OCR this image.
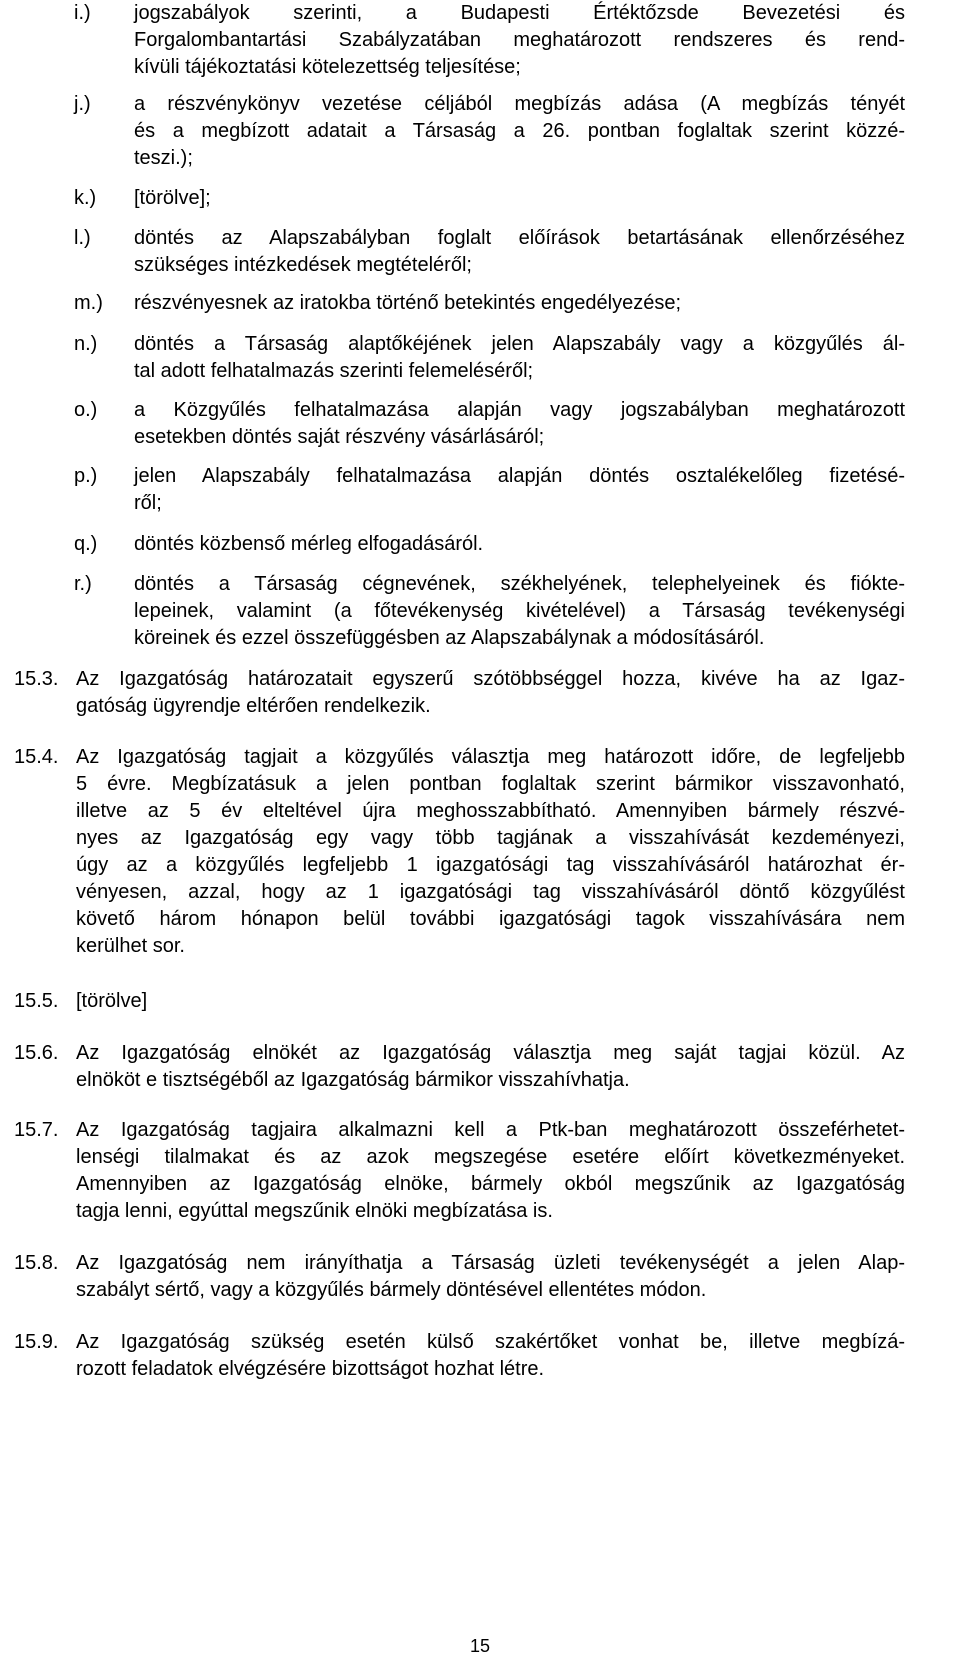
i.) jogszabályok szerinti, a Budapesti Értéktőzsde Bevezetési és
Forgalombantartási Szabályzatában meghatározott rendszeres és rend-
kívüli tájékoztatási kötelezettség teljesítése;
j.) a részvénykönyv vezetése céljából megbízás adása (A megbízás tényét
és a megbízott adatait a Társaság a 26. pontban foglaltak szerint közzé-
teszi.);
k.) [törölve];
l.) döntés az Alapszabályban foglalt előírások betartásának ellenőrzéséhez
szükséges intézkedések megtételéről;
m.) részvényesnek az iratokba történő betekintés engedélyezése;
n.) döntés a Társaság alaptőkéjének jelen Alapszabály vagy a közgyűlés ál-
tal adott felhatalmazás szerinti felemeléséről;
o.) a Közgyűlés felhatalmazása alapján vagy jogszabályban meghatározott
esetekben döntés saját részvény vásárlásáról;
p.) jelen Alapszabály felhatalmazása alapján döntés osztalékelőleg fizetésé-
ről;
q.) döntés közbenső mérleg elfogadásáról.
r.) döntés a Társaság cégnevének, székhelyének, telephelyeinek és fiókte-
lepeinek, valamint (a főtevékenység kivételével) a Társaság tevékenységi
köreinek és ezzel összefüggésben az Alapszabálynak a módosításáról.
15.3. Az Igazgatóság határozatait egyszerű szótöbbséggel hozza, kivéve ha az Igaz-
gatóság ügyrendje eltérően rendelkezik.
15.4. Az Igazgatóság tagjait a közgyűlés választja meg határozott időre, de legfeljebb
5 évre. Megbízatásuk a jelen pontban foglaltak szerint bármikor visszavonható,
illetve az 5 év elteltével újra meghosszabbítható. Amennyiben bármely részvé-
nyes az Igazgatóság egy vagy több tagjának a visszahívását kezdeményezi,
úgy az a közgyűlés legfeljebb 1 igazgatósági tag visszahívásáról határozhat ér-
vényesen, azzal, hogy az 1 igazgatósági tag visszahívásáról döntő közgyűlést
követő három hónapon belül további igazgatósági tagok visszahívására nem
kerülhet sor.
15.5. [törölve]
15.6. Az Igazgatóság elnökét az Igazgatóság választja meg saját tagjai közül. Az
elnököt e tisztségéből az Igazgatóság bármikor visszahívhatja.
15.7. Az Igazgatóság tagjaira alkalmazni kell a Ptk-ban meghatározott összeférhetet-
lenségi tilalmakat és az azok megszegése esetére előírt következményeket.
Amennyiben az Igazgatóság elnöke, bármely okból megszűnik az Igazgatóság
tagja lenni, egyúttal megszűnik elnöki megbízatása is.
15.8. Az Igazgatóság nem irányíthatja a Társaság üzleti tevékenységét a jelen Alap-
szabályt sértő, vagy a közgyűlés bármely döntésével ellentétes módon.
15.9. Az Igazgatóság szükség esetén külső szakértőket vonhat be, illetve megbízá-
rozott feladatok elvégzésére bizottságot hozhat létre.
15
